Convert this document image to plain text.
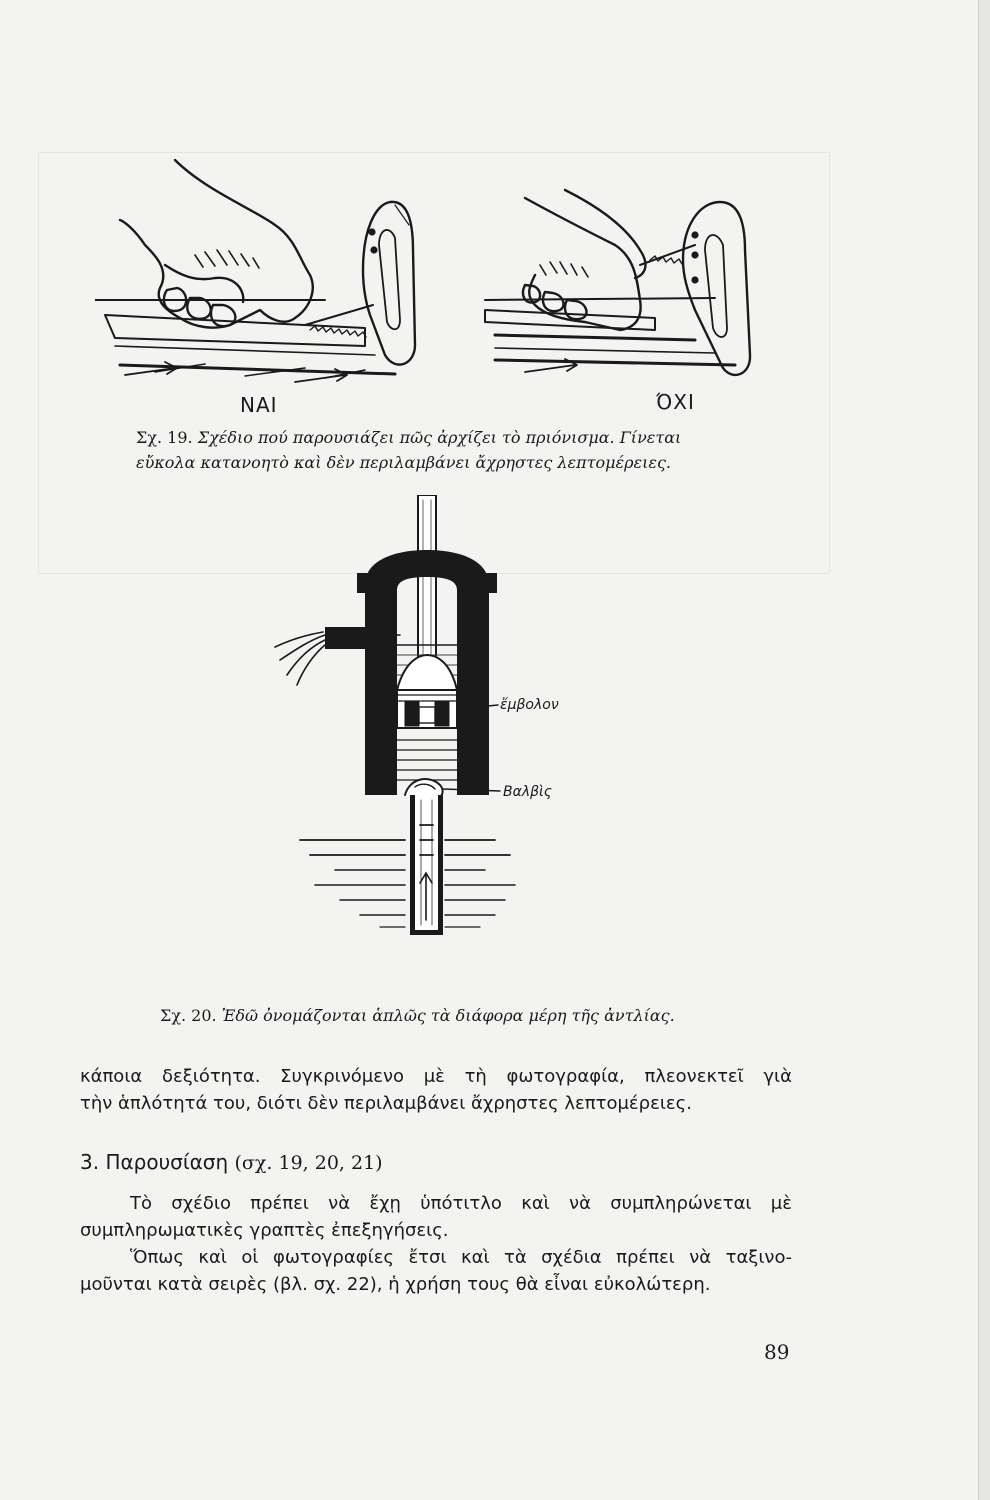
NAI	ΌΧΙ
Σχ. 19. Σχέδιο πού παρουσιάζει πῶς ἀρχίζει τὸ πριόνισμα. Γίνεται
εὔκολα κατανοητὸ καὶ δὲν περιλαμβάνει ἄχρηστες λεπτομέρειες.
ἔμβολον
Βαλβὶς
Σχ. 20. Ἐδῶ ὀνομάζονται ἁπλῶς τὰ διάφορα μέρη τῆς ἀντλίας.
κάποια δεξιότητα. Συγκρινόμενο μὲ τὴ φωτογραφία, πλεονεκτεῖ γιὰ
τὴν ἁπλότητά του, διότι δὲν περιλαμβάνει ἄχρηστες λεπτομέρειες.
3. Παρουσίαση (σχ. 19, 20, 21)
Τὸ σχέδιο πρέπει νὰ ἔχῃ ὑπότιτλο καὶ νὰ συμπληρώνεται μὲ
συμπληρωματικὲς γραπτὲς ἐπεξηγήσεις.
Ὅπως καὶ οἱ φωτογραφίες ἔτσι καὶ τὰ σχέδια πρέπει νὰ ταξινο-
μοῦνται κατὰ σειρὲς (βλ. σχ. 22), ἡ χρήση τους θὰ εἶναι εὐκολώτερη.
89
